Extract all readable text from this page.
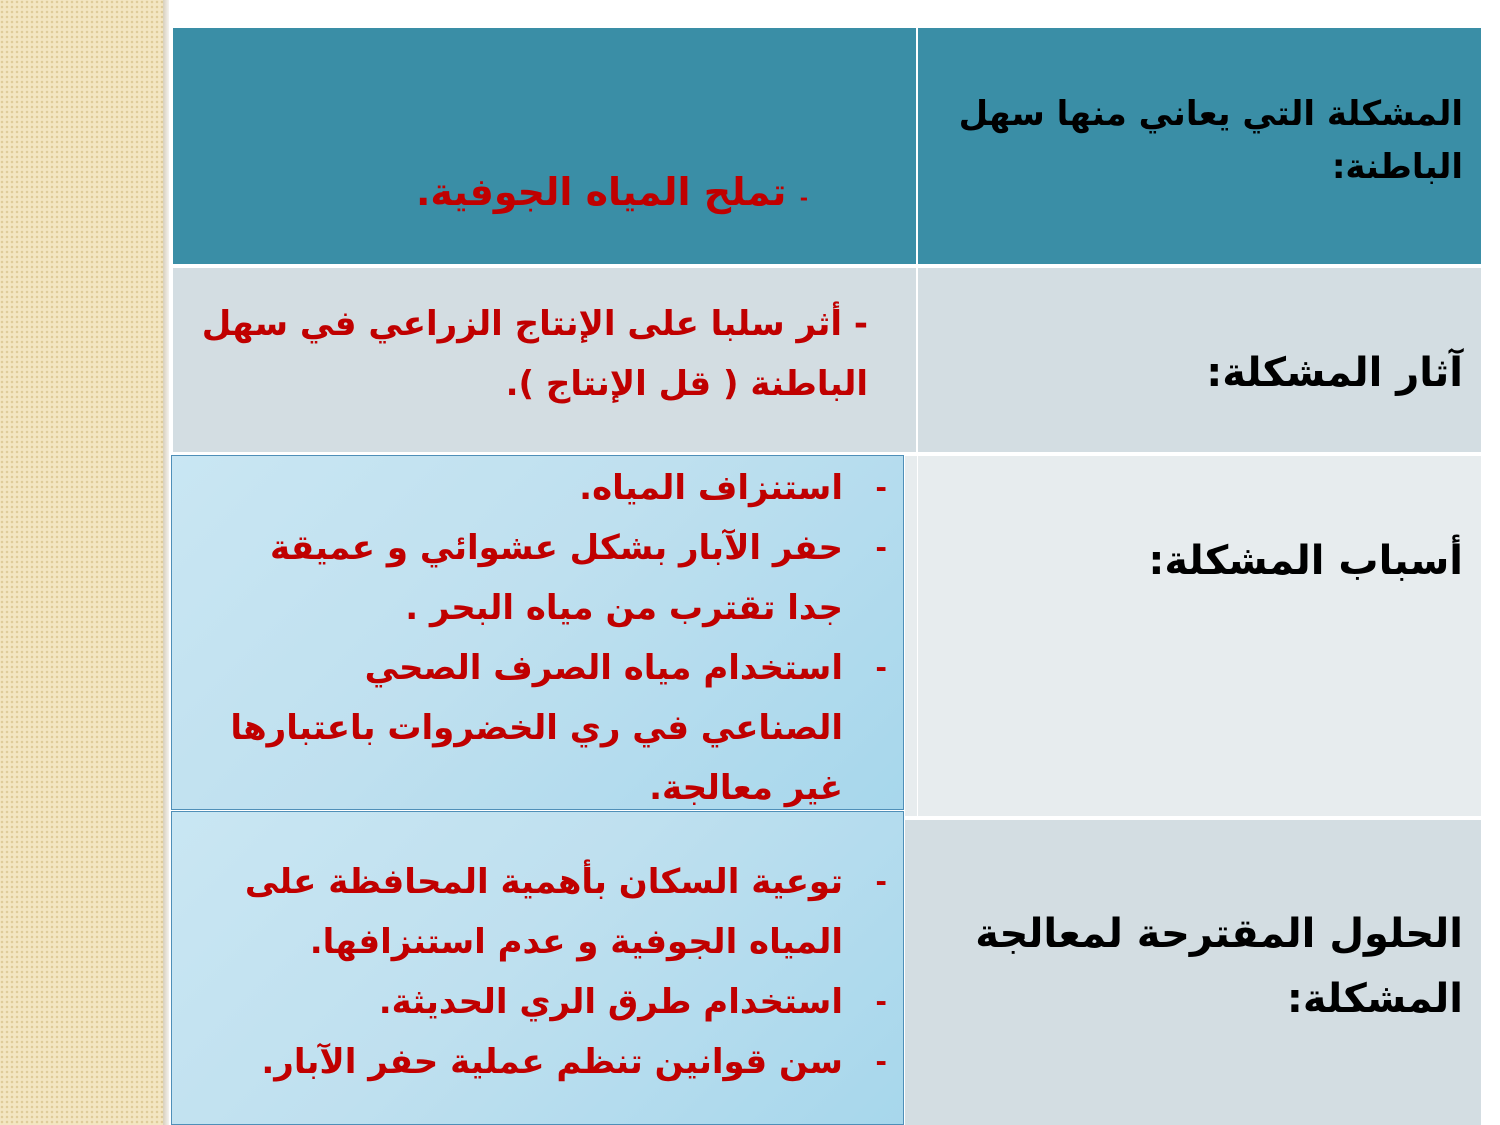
المشكلة التي يعاني منها سهل الباطنة:
- تملح المياه الجوفية.
آثار المشكلة:
- أثر سلبا على الإنتاج الزراعي في سهل الباطنة ( قل الإنتاج ).
أسباب المشكلة:
الحلول المقترحة لمعالجة المشكلة:
- استنزاف المياه.
- حفر الآبار بشكل عشوائي و عميقة جدا تقترب من مياه البحر .
- استخدام مياه الصرف الصحي الصناعي في ري الخضروات باعتبارها غير معالجة.
- توعية السكان بأهمية المحافظة على المياه الجوفية و عدم استنزافها.
- استخدام طرق الري الحديثة.
- سن قوانين تنظم عملية حفر الآبار.
